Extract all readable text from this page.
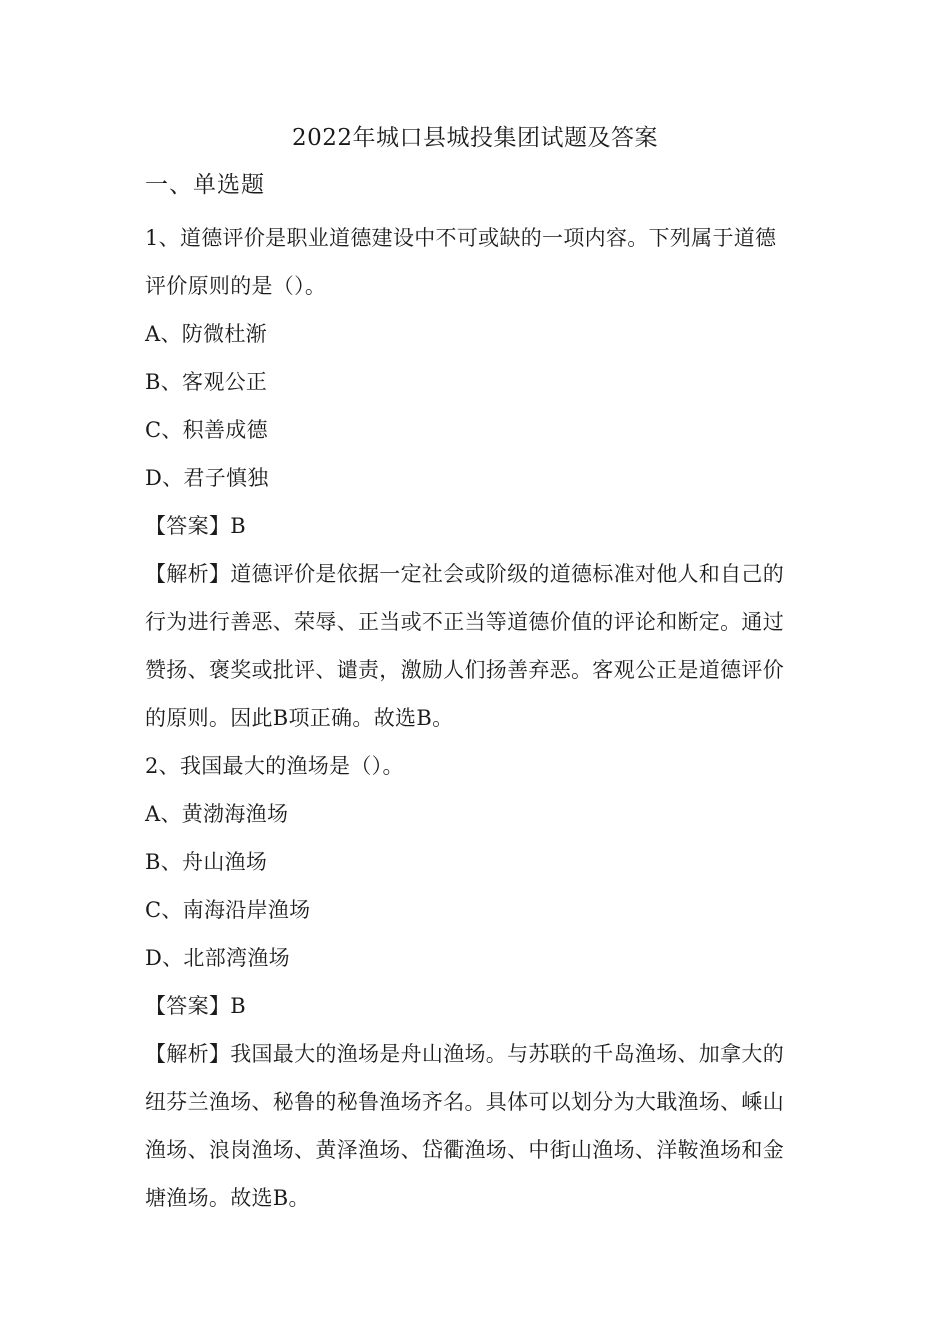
2022年城口县城投集团试题及答案
一、单选题
1、道德评价是职业道德建设中不可或缺的一项内容。下列属于道德
评价原则的是（）。
A、防微杜渐
B、客观公正
C、积善成德
D、君子慎独
【答案】B
【解析】道德评价是依据一定社会或阶级的道德标准对他人和自己的
行为进行善恶、荣辱、正当或不正当等道德价值的评论和断定。通过
赞扬、褒奖或批评、谴责，激励人们扬善弃恶。客观公正是道德评价
的原则。因此B项正确。故选B。
2、我国最大的渔场是（）。
A、黄渤海渔场
B、舟山渔场
C、南海沿岸渔场
D、北部湾渔场
【答案】B
【解析】我国最大的渔场是舟山渔场。与苏联的千岛渔场、加拿大的
纽芬兰渔场、秘鲁的秘鲁渔场齐名。具体可以划分为大戢渔场、嵊山
渔场、浪岗渔场、黄泽渔场、岱衢渔场、中街山渔场、洋鞍渔场和金
塘渔场。故选B。
